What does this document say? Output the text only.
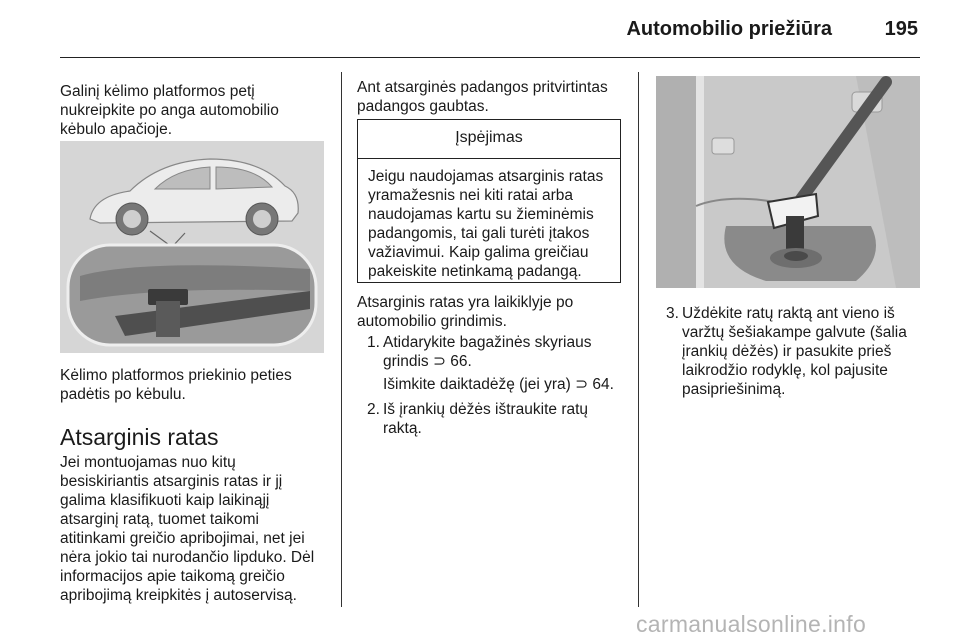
Automobilio priežiūra	195
Galinį kėlimo platformos petį
nukreipkite po anga automobilio
kėbulo apačioje.
Kėlimo platformos priekinio peties
padėtis po kėbulu.
Atsarginis ratas
Jei montuojamas nuo kitų
besiskiriantis atsarginis ratas ir jį
galima klasifikuoti kaip laikinąjį
atsarginį ratą, tuomet taikomi
atitinkami greičio apribojimai, net jei
nėra jokio tai nurodančio lipduko. Dėl
informacijos apie taikomą greičio
apribojimą kreipkitės į autoservisą.
Ant atsarginės padangos pritvirtintas
padangos gaubtas.
Įspėjimas
Jeigu naudojamas atsarginis ratas
yramažesnis nei kiti ratai arba
naudojamas kartu su žieminėmis
padangomis, tai gali turėti įtakos
važiavimui. Kaip galima greičiau
pakeiskite netinkamą padangą.
Atsarginis ratas yra laikiklyje po
automobilio grindimis.
1. Atidarykite bagažinės skyriaus
grindis ⊃ 66.
Išimkite daiktadėžę (jei yra) ⊃ 64.
2. Iš įrankių dėžės ištraukite ratų
raktą.
3. Uždėkite ratų raktą ant vieno iš
varžtų šešiakampe galvute (šalia
įrankių dėžės) ir pasukite prieš
laikrodžio rodyklę, kol pajusite
pasipriešinimą.
carmanualsonline.info
